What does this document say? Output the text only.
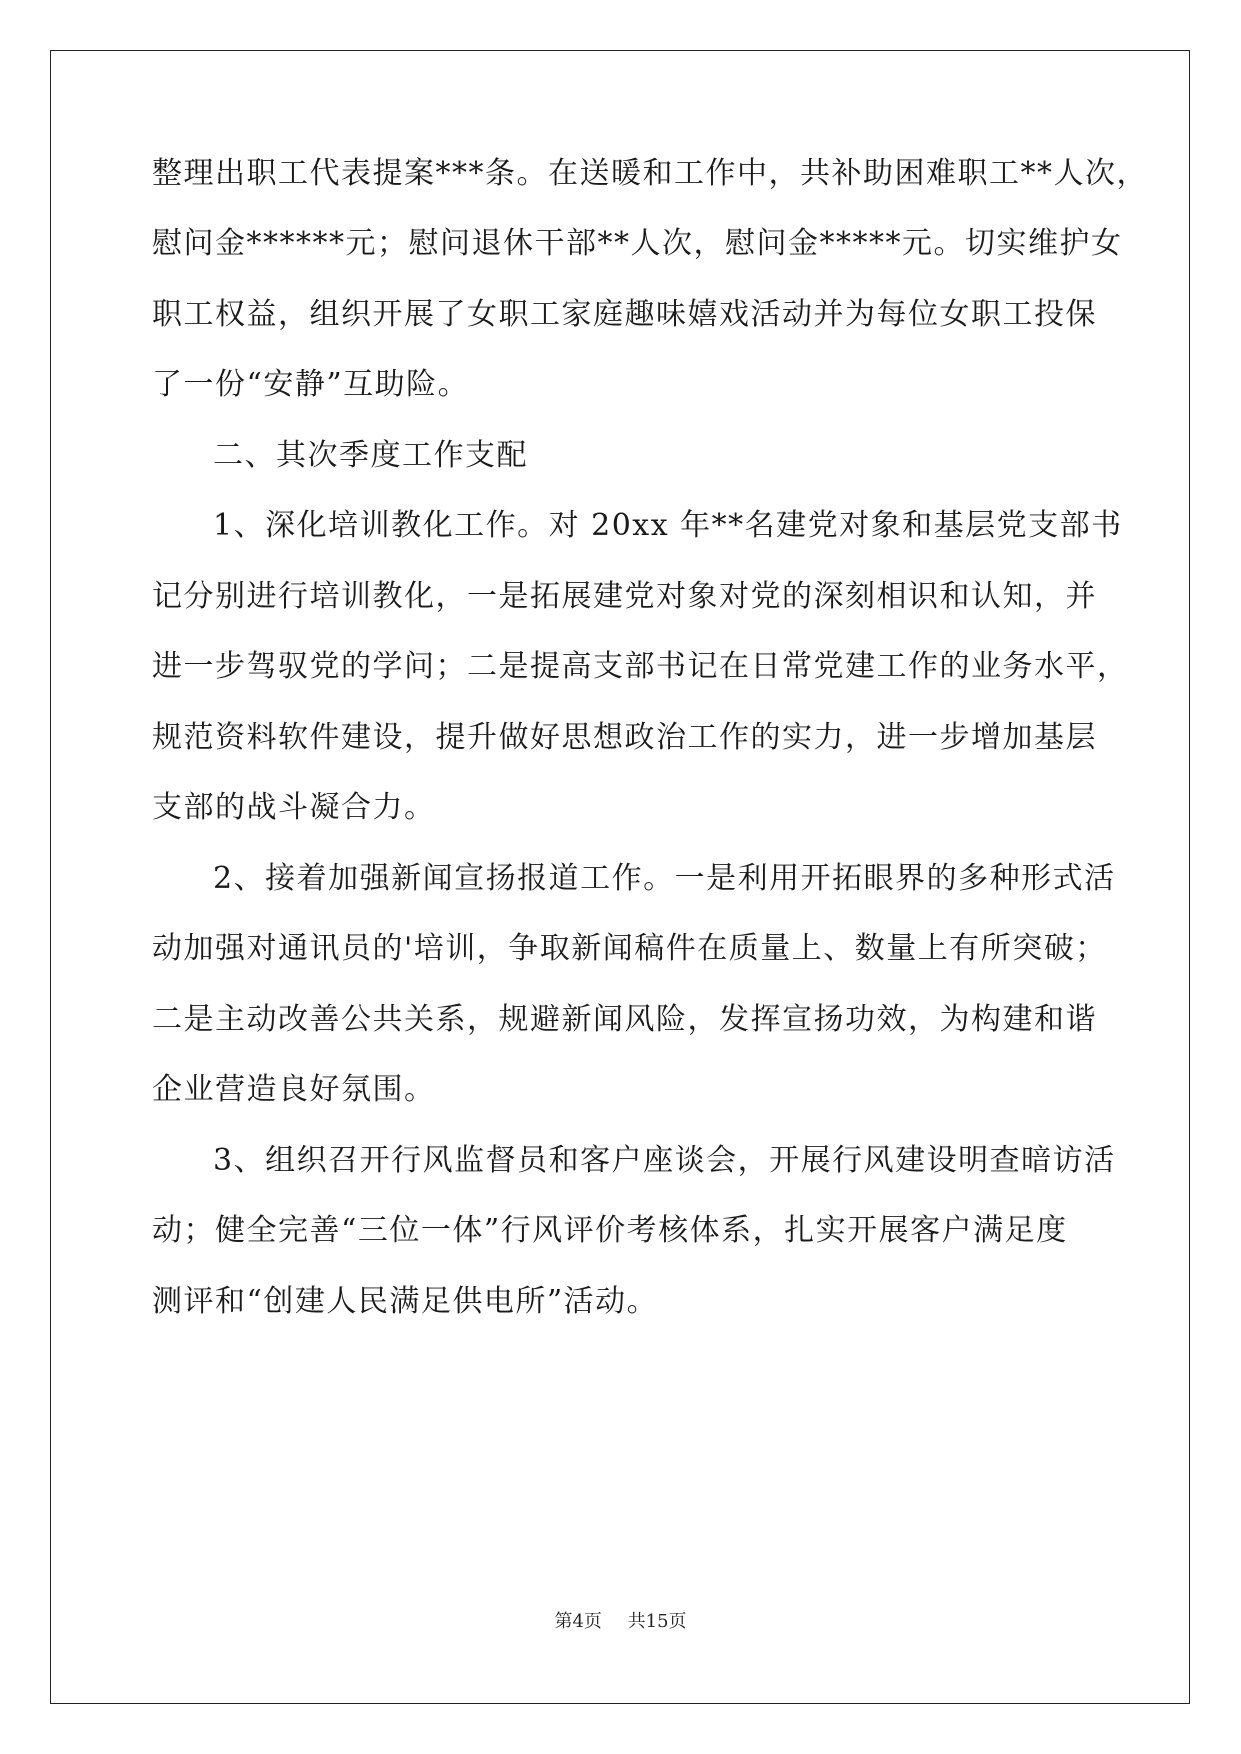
整理出职工代表提案***条。在送暖和工作中，共补助困难职工**人次，
慰问金******元；慰问退休干部**人次，慰问金*****元。切实维护女
职工权益，组织开展了女职工家庭趣味嬉戏活动并为每位女职工投保
了一份“安静”互助险。
二、其次季度工作支配
1、深化培训教化工作。对 20xx 年**名建党对象和基层党支部书
记分别进行培训教化，一是拓展建党对象对党的深刻相识和认知，并
进一步驾驭党的学问；二是提高支部书记在日常党建工作的业务水平，
规范资料软件建设，提升做好思想政治工作的实力，进一步增加基层
支部的战斗凝合力。
2、接着加强新闻宣扬报道工作。一是利用开拓眼界的多种形式活
动加强对通讯员的'培训，争取新闻稿件在质量上、数量上有所突破；
二是主动改善公共关系，规避新闻风险，发挥宣扬功效，为构建和谐
企业营造良好氛围。
3、组织召开行风监督员和客户座谈会，开展行风建设明查暗访活
动；健全完善“三位一体”行风评价考核体系，扎实开展客户满足度
测评和“创建人民满足供电所”活动。
第4页 共15页
